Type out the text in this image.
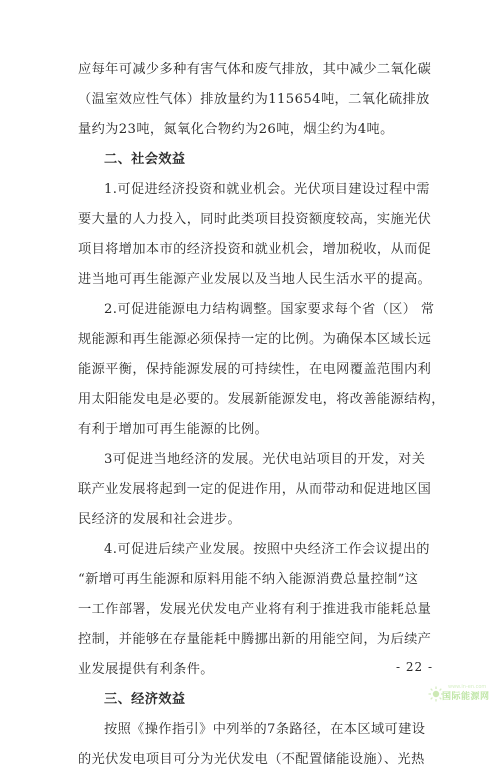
应每年可减少多种有害气体和废气排放，其中减少二氧化碳
（温室效应性气体）排放量约为115654吨，二氧化硫排放
量约为23吨，氮氧化合物约为26吨，烟尘约为4吨。
二、社会效益
1.可促进经济投资和就业机会。光伏项目建设过程中需
要大量的人力投入，同时此类项目投资额度较高，实施光伏
项目将增加本市的经济投资和就业机会，增加税收，从而促
进当地可再生能源产业发展以及当地人民生活水平的提高。
2.可促进能源电力结构调整。国家要求每个省（区） 常
规能源和再生能源必须保持一定的比例。为确保本区域长远
能源平衡，保持能源发展的可持续性，在电网覆盖范围内利
用太阳能发电是必要的。发展新能源发电，将改善能源结构，
有利于增加可再生能源的比例。
3可促进当地经济的发展。光伏电站项目的开发，对关
联产业发展将起到一定的促进作用，从而带动和促进地区国
民经济的发展和社会进步。
4.可促进后续产业发展。按照中央经济工作会议提出的
“新增可再生能源和原料用能不纳入能源消费总量控制”这
一工作部署，发展光伏发电产业将有利于推进我市能耗总量
控制，并能够在存量能耗中腾挪出新的用能空间，为后续产
业发展提供有利条件。
三、经济效益
按照《操作指引》中列举的7条路径，在本区域可建设
的光伏发电项目可分为光伏发电（不配置储能设施）、光热
- 22 -
www.in-en.com
国际能源网
